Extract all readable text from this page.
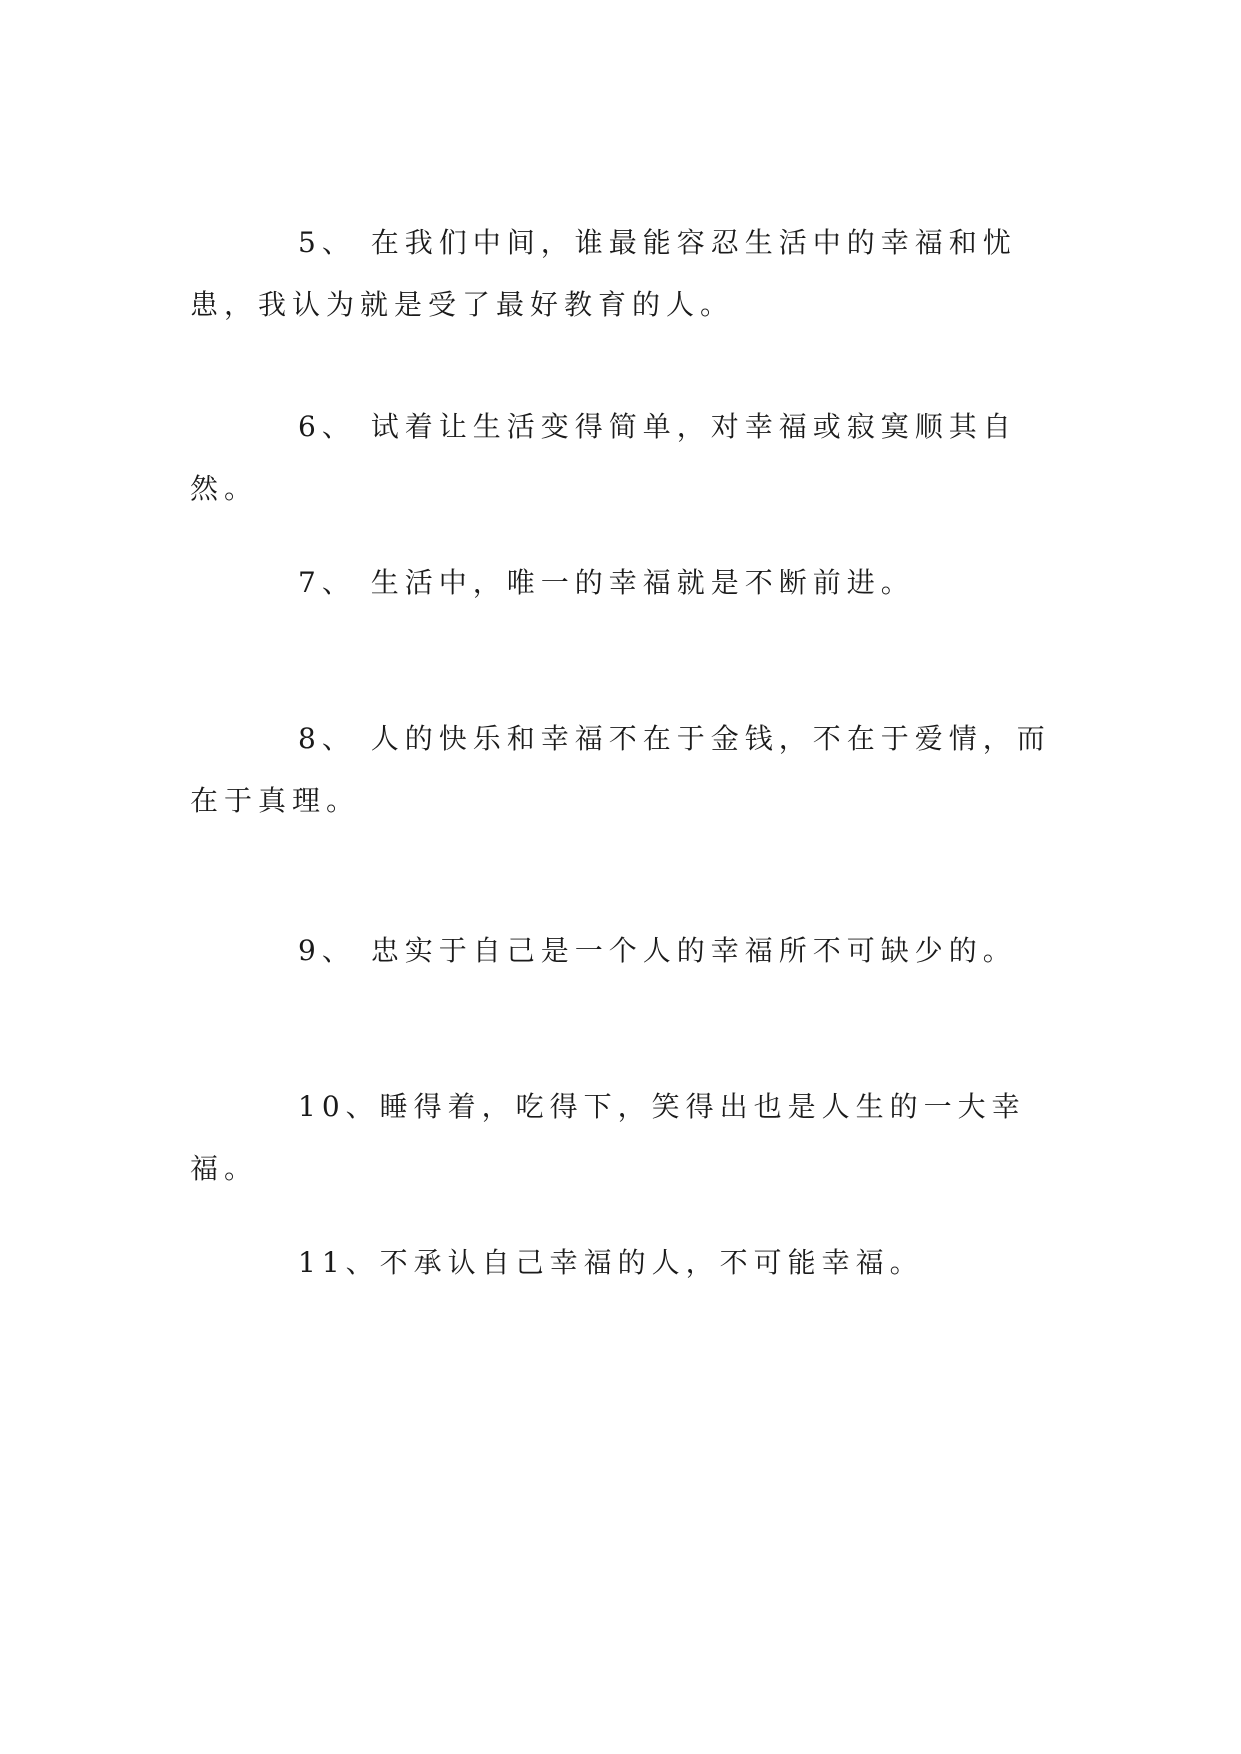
5、 在我们中间，谁最能容忍生活中的幸福和忧患，我认为就是受了最好教育的人。

6、 试着让生活变得简单，对幸福或寂寞顺其自然。

7、 生活中，唯一的幸福就是不断前进。

8、 人的快乐和幸福不在于金钱，不在于爱情，而在于真理。

9、 忠实于自己是一个人的幸福所不可缺少的。

10、睡得着，吃得下，笑得出也是人生的一大幸福。

11、不承认自己幸福的人，不可能幸福。
